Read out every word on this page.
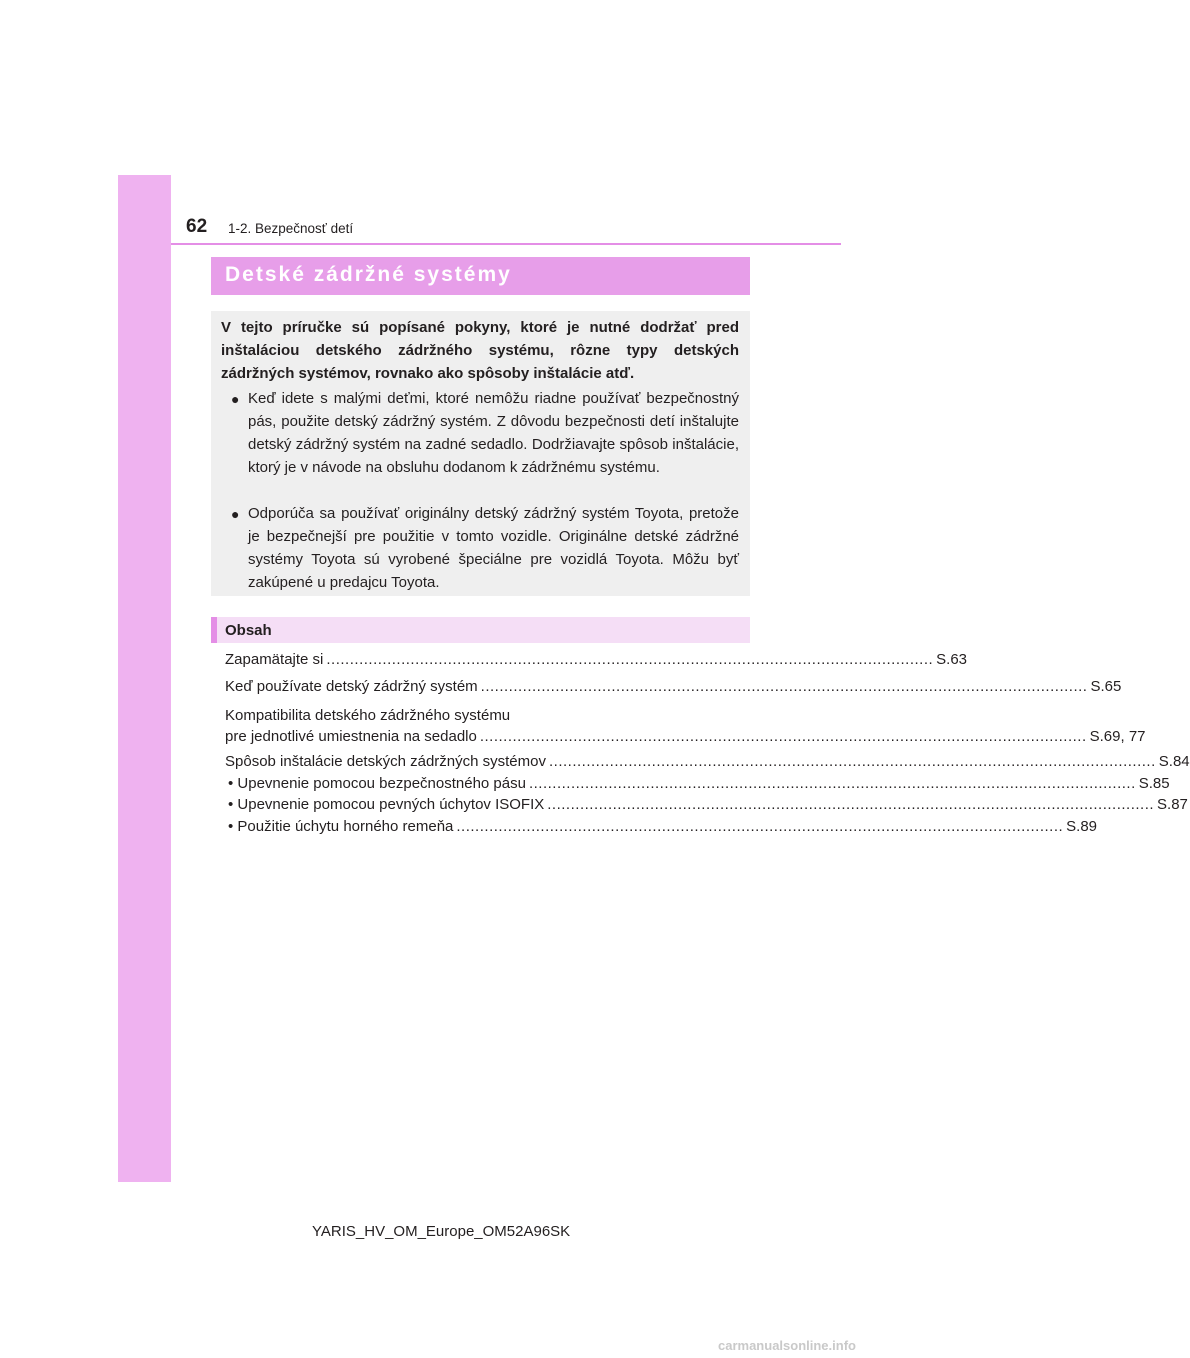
62 1-2. Bezpečnosť detí
Detské zádržné systémy
V tejto príručke sú popísané pokyny, ktoré je nutné dodržať pred inštaláciou detského zádržného systému, rôzne typy detských zádržných systémov, rovnako ako spôsoby inštalácie atď.
● Keď idete s malými deťmi, ktoré nemôžu riadne používať bezpečnostný pás, použite detský zádržný systém. Z dôvodu bezpečnosti detí inštalujte detský zádržný systém na zadné sedadlo. Dodržiavajte spôsob inštalácie, ktorý je v návode na obsluhu dodanom k zádržnému systému.
● Odporúča sa používať originálny detský zádržný systém Toyota, pretože je bezpečnejší pre použitie v tomto vozidle. Originálne detské zádržné systémy Toyota sú vyrobené špeciálne pre vozidlá Toyota. Môžu byť zakúpené u predajcu Toyota.
Obsah
Zapamätajte si .................................................................................................................................. S.63
Keď používate detský zádržný systém .................................................................................................................................. S.65
Kompatibilita detského zádržného systému
pre jednotlivé umiestnenia na sedadlo .................................................................................................................................. S.69, 77
Spôsob inštalácie detských zádržných systémov .................................................................................................................................. S.84
• Upevnenie pomocou bezpečnostného pásu .................................................................................................................................. S.85
• Upevnenie pomocou pevných úchytov ISOFIX .................................................................................................................................. S.87
• Použitie úchytu horného remeňa .................................................................................................................................. S.89
YARIS_HV_OM_Europe_OM52A96SK
carmanualsonline.info
